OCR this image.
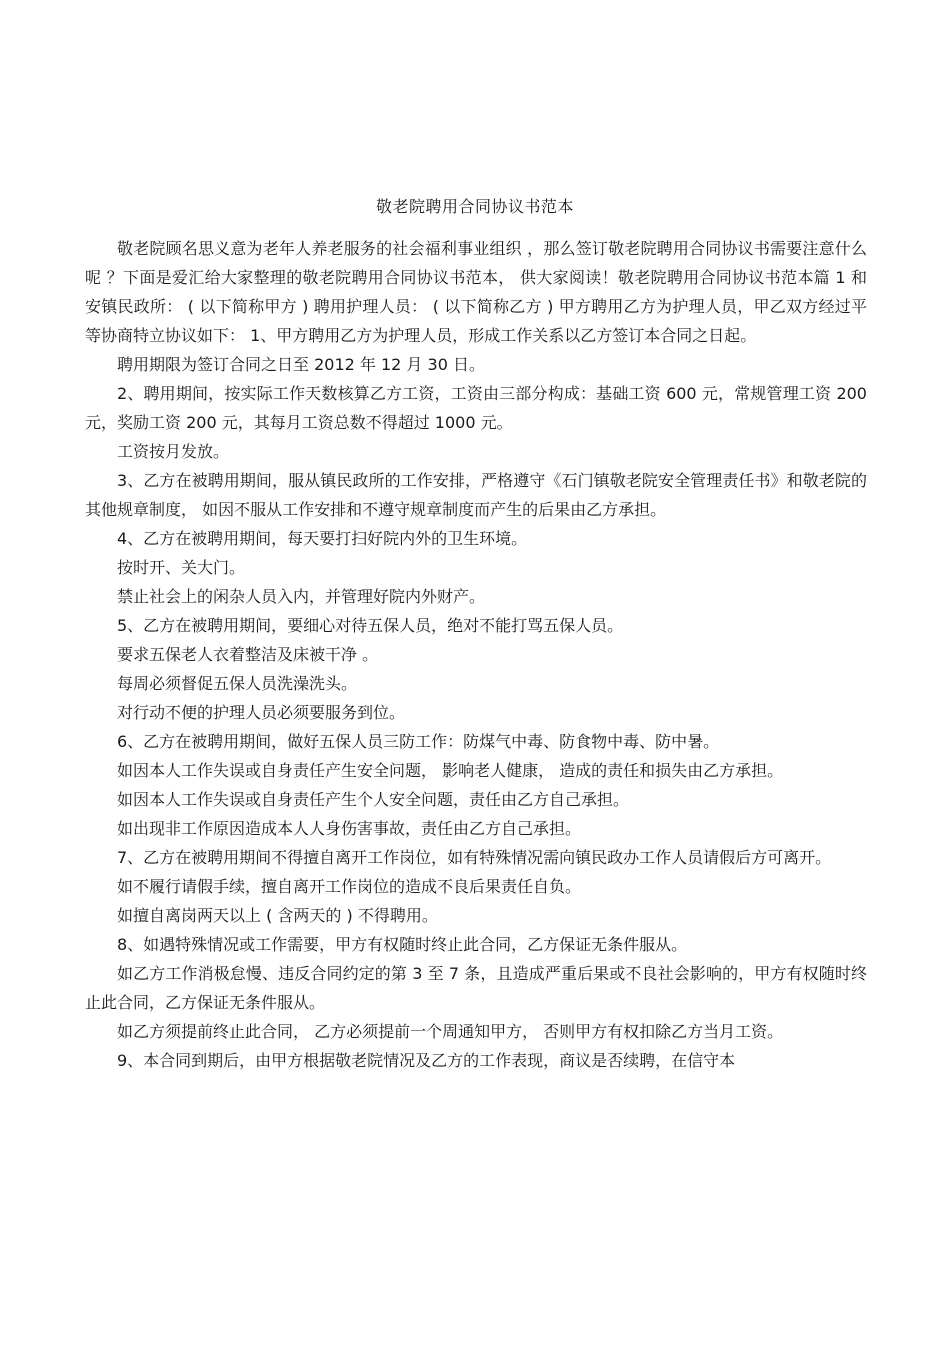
敬老院聘用合同协议书范本

敬老院顾名思义意为老年人养老服务的社会福利事业组织 ，那么签订敬老院聘用合同协议书需要注意什么呢 ？下面是爱汇给大家整理的敬老院聘用合同协议书范本， 供大家阅读！敬老院聘用合同协议书范本篇 1 和安镇民政所： ( 以下简称甲方 ) 聘用护理人员： ( 以下简称乙方 ) 甲方聘用乙方为护理人员，甲乙双方经过平等协商特立协议如下： 1、甲方聘用乙方为护理人员，形成工作关系以乙方签订本合同之日起。

聘用期限为签订合同之日至 2012 年 12 月 30 日。

2、聘用期间，按实际工作天数核算乙方工资，工资由三部分构成：基础工资 600 元，常规管理工资 200 元，奖励工资 200 元，其每月工资总数不得超过 1000 元。

工资按月发放。

3、乙方在被聘用期间，服从镇民政所的工作安排，严格遵守《石门镇敬老院安全管理责任书》和敬老院的其他规章制度， 如因不服从工作安排和不遵守规章制度而产生的后果由乙方承担。

4、乙方在被聘用期间，每天要打扫好院内外的卫生环境。

按时开、关大门。

禁止社会上的闲杂人员入内，并管理好院内外财产。

5、乙方在被聘用期间，要细心对待五保人员，绝对不能打骂五保人员。

要求五保老人衣着整洁及床被干净 。

每周必须督促五保人员洗澡洗头。

对行动不便的护理人员必须要服务到位。

6、乙方在被聘用期间，做好五保人员三防工作：防煤气中毒、防食物中毒、防中暑。

如因本人工作失误或自身责任产生安全问题， 影响老人健康， 造成的责任和损失由乙方承担。

如因本人工作失误或自身责任产生个人安全问题，责任由乙方自己承担。

如出现非工作原因造成本人人身伤害事故，责任由乙方自己承担。

7、乙方在被聘用期间不得擅自离开工作岗位，如有特殊情况需向镇民政办工作人员请假后方可离开。

如不履行请假手续，擅自离开工作岗位的造成不良后果责任自负。

如擅自离岗两天以上 ( 含两天的 ) 不得聘用。

8、如遇特殊情况或工作需要，甲方有权随时终止此合同，乙方保证无条件服从。

如乙方工作消极怠慢、违反合同约定的第 3 至 7 条，且造成严重后果或不良社会影响的，甲方有权随时终止此合同，乙方保证无条件服从。

如乙方须提前终止此合同， 乙方必须提前一个周通知甲方， 否则甲方有权扣除乙方当月工资。

9、本合同到期后，由甲方根据敬老院情况及乙方的工作表现，商议是否续聘，在信守本
